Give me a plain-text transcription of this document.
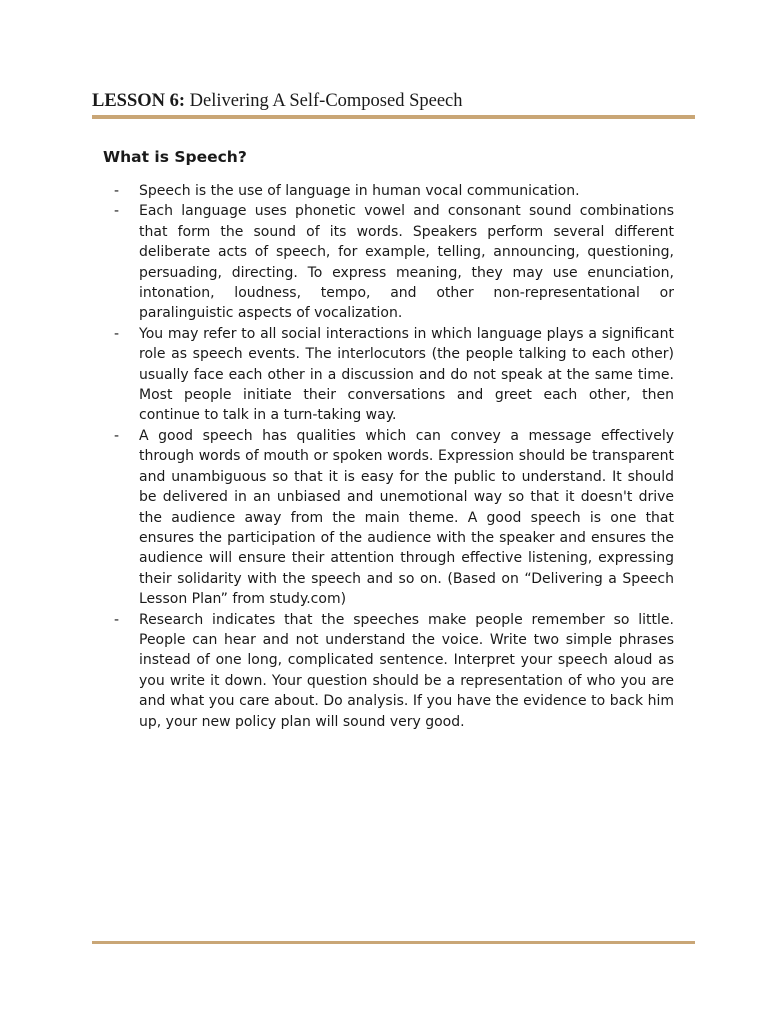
LESSON 6: Delivering A Self-Composed Speech
What is Speech?
- Speech is the use of language in human vocal communication.
- Each language uses phonetic vowel and consonant sound combinations that form the sound of its words. Speakers perform several different deliberate acts of speech, for example, telling, announcing, questioning, persuading, directing. To express meaning, they may use enunciation, intonation, loudness, tempo, and other non-representational or paralinguistic aspects of vocalization.
- You may refer to all social interactions in which language plays a significant role as speech events. The interlocutors (the people talking to each other) usually face each other in a discussion and do not speak at the same time. Most people initiate their conversations and greet each other, then continue to talk in a turn-taking way.
- A good speech has qualities which can convey a message effectively through words of mouth or spoken words. Expression should be transparent and unambiguous so that it is easy for the public to understand. It should be delivered in an unbiased and unemotional way so that it doesn't drive the audience away from the main theme. A good speech is one that ensures the participation of the audience with the speaker and ensures the audience will ensure their attention through effective listening, expressing their solidarity with the speech and so on. (Based on “Delivering a Speech Lesson Plan” from study.com)
- Research indicates that the speeches make people remember so little. People can hear and not understand the voice. Write two simple phrases instead of one long, complicated sentence. Interpret your speech aloud as you write it down. Your question should be a representation of who you are and what you care about. Do analysis. If you have the evidence to back him up, your new policy plan will sound very good.
